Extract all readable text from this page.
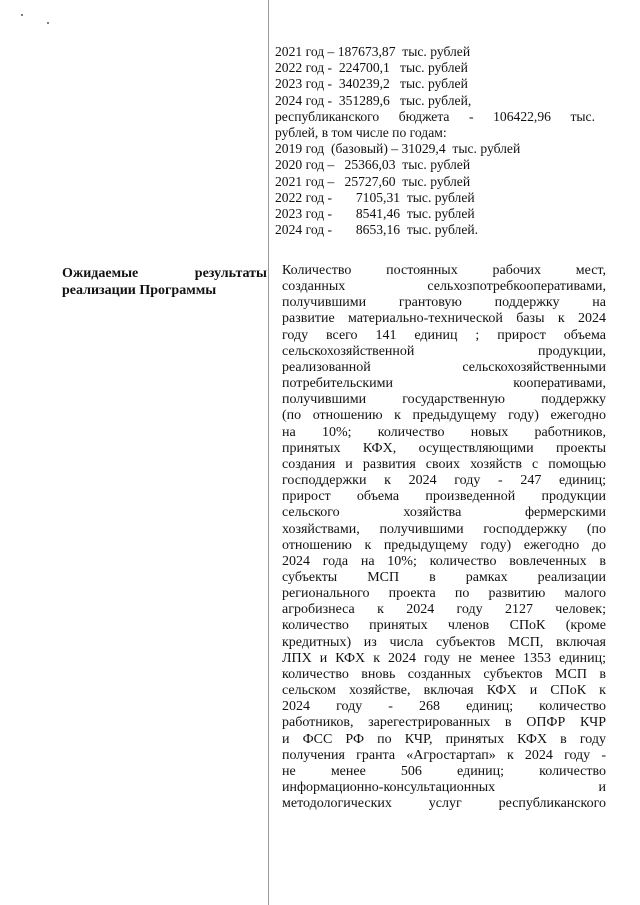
2021 год – 187673,87  тыс. рублей
2022 год -  224700,1   тыс. рублей
2023 год -  340239,2   тыс. рублей
2024 год -  351289,6   тыс. рублей,
республиканского бюджета - 106422,96 тыс.
рублей, в том числе по годам:
2019 год  (базовый) – 31029,4  тыс. рублей
2020 год –   25366,03  тыс. рублей
2021 год –   25727,60  тыс. рублей
2022 год -       7105,31  тыс. рублей
2023 год -       8541,46  тыс. рублей
2024 год -       8653,16  тыс. рублей.
Ожидаемые результаты
реализации Программы
Количество постоянных рабочих мест,
созданных сельхозпотребкооперативами,
получившими грантовую поддержку на
развитие материально-технической базы к 2024
году всего 141 единиц ; прирост объема
сельскохозяйственной продукции,
реализованной сельскохозяйственными
потребительскими кооперативами,
получившими государственную поддержку
(по отношению к предыдущему году) ежегодно
на 10%; количество новых работников,
принятых КФХ, осуществляющими проекты
создания и развития своих хозяйств с помощью
господдержки к 2024 году - 247 единиц;
прирост объема произведенной продукции
сельского хозяйства фермерскими
хозяйствами, получившими господдержку (по
отношению к предыдущему году) ежегодно до
2024 года на 10%; количество вовлеченных в
субъекты МСП в рамках реализации
регионального проекта по развитию малого
агробизнеса к 2024 году 2127 человек;
количество принятых членов СПоК (кроме
кредитных) из числа субъектов МСП, включая
ЛПХ и КФХ к 2024 году не менее 1353 единиц;
количество вновь созданных субъектов МСП в
сельском хозяйстве, включая КФХ и СПоК к
2024 году - 268 единиц; количество
работников, зарегестрированных в ОПФР КЧР
и ФСС РФ по КЧР, принятых КФХ в году
получения гранта «Агростартап» к 2024 году -
не менее 506 единиц; количество
информационно-консультационных и
методологических услуг республиканского
